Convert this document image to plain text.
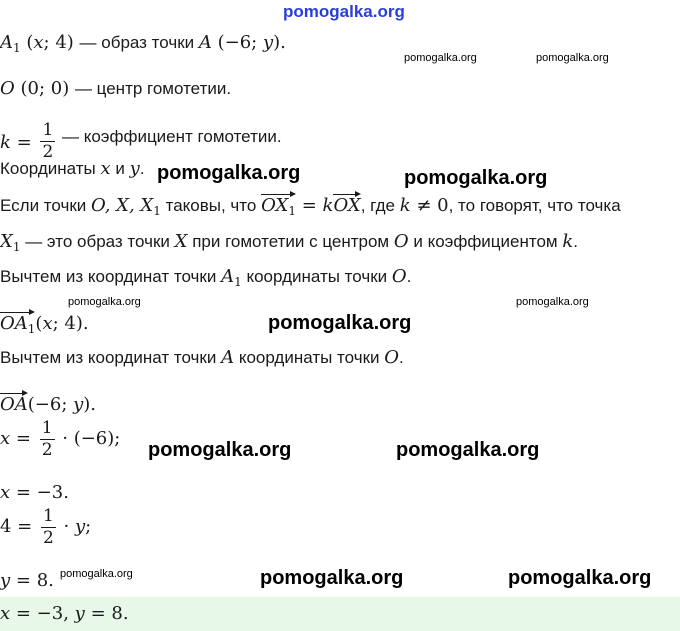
pomogalka.org
$A_1$ (x; 4) — образ точки A (−6; y).
O (0; 0) — центр гомотетии.
$k = \frac{1}{2}$ — коэффициент гомотетии.
Координаты x и y.
Если точки O, X, $X_1$ таковы, что $OX_1$ = kOX, где k ≠ 0, то говорят, что точка
$X_1$ — это образ точки X при гомотетии с центром O и коэффициентом k.
Вычтем из координат точки $A_1$ координаты точки O.
$OA_1(x$; 4).
Вычтем из координат точки A координаты точки O.
OA(−6; y).
$x = \frac{1}{2} \cdot (-6)$;
x = −3.
$4 = \frac{1}{2} \cdot y$;
y = 8.
x = −3, y = 8.
pomogalka.org	pomogalka.org
pomogalka.org	pomogalka.org
pomogalka.org	pomogalka.org
pomogalka.org
pomogalka.org	pomogalka.org
pomogalka.org	pomogalka.org	pomogalka.org
